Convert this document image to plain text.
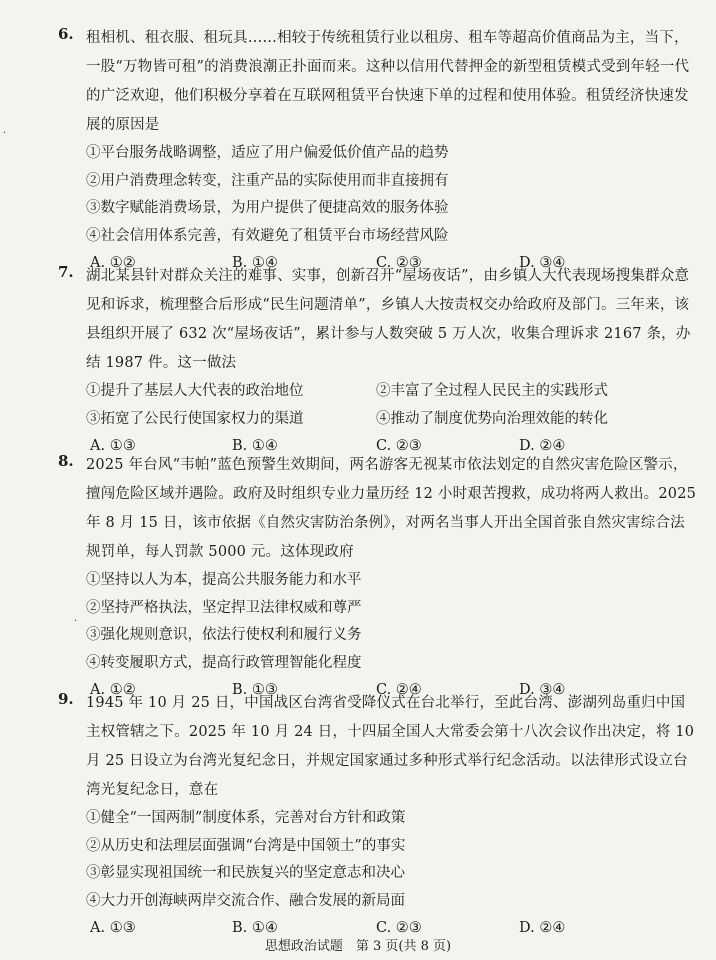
6. 租相机、租衣服、租玩具……相较于传统租赁行业以租房、租车等超高价值商品为主，当下，一股“万物皆可租”的消费浪潮正扑面而来。这种以信用代替押金的新型租赁模式受到年轻一代的广泛欢迎，他们积极分享着在互联网租赁平台快速下单的过程和使用体验。租赁经济快速发展的原因是
①平台服务战略调整，适应了用户偏爱低价值产品的趋势
②用户消费理念转变，注重产品的实际使用而非直接拥有
③数字赋能消费场景，为用户提供了便捷高效的服务体验
④社会信用体系完善，有效避免了租赁平台市场经营风险
A. ①②	B. ①④	C. ②③	D. ③④
7. 湖北某县针对群众关注的难事、实事，创新召开“屋场夜话”，由乡镇人大代表现场搜集群众意见和诉求，梳理整合后形成“民生问题清单”，乡镇人大按责权交办给政府及部门。三年来，该县组织开展了 632 次“屋场夜话”，累计参与人数突破 5 万人次，收集合理诉求 2167 条，办结 1987 件。这一做法
①提升了基层人大代表的政治地位	②丰富了全过程人民民主的实践形式
③拓宽了公民行使国家权力的渠道	④推动了制度优势向治理效能的转化
A. ①③	B. ①④	C. ②③	D. ②④
8. 2025 年台风“韦帕”蓝色预警生效期间，两名游客无视某市依法划定的自然灾害危险区警示，擅闯危险区域并遇险。政府及时组织专业力量历经 12 小时艰苦搜救，成功将两人救出。2025 年 8 月 15 日，该市依据《自然灾害防治条例》，对两名当事人开出全国首张自然灾害综合法规罚单，每人罚款 5000 元。这体现政府
①坚持以人为本，提高公共服务能力和水平
②坚持严格执法，坚定捍卫法律权威和尊严
③强化规则意识，依法行使权利和履行义务
④转变履职方式，提高行政管理智能化程度
A. ①②	B. ①③	C. ②④	D. ③④
9. 1945 年 10 月 25 日，中国战区台湾省受降仪式在台北举行，至此台湾、澎湖列岛重归中国主权管辖之下。2025 年 10 月 24 日，十四届全国人大常委会第十八次会议作出决定，将 10 月 25 日设立为台湾光复纪念日，并规定国家通过多种形式举行纪念活动。以法律形式设立台湾光复纪念日，意在
①健全“一国两制”制度体系，完善对台方针和政策
②从历史和法理层面强调“台湾是中国领土”的事实
③彰显实现祖国统一和民族复兴的坚定意志和决心
④大力开创海峡两岸交流合作、融合发展的新局面
A. ①③	B. ①④	C. ②③	D. ②④
·
·
思想政治试题　第 3 页(共 8 页)
